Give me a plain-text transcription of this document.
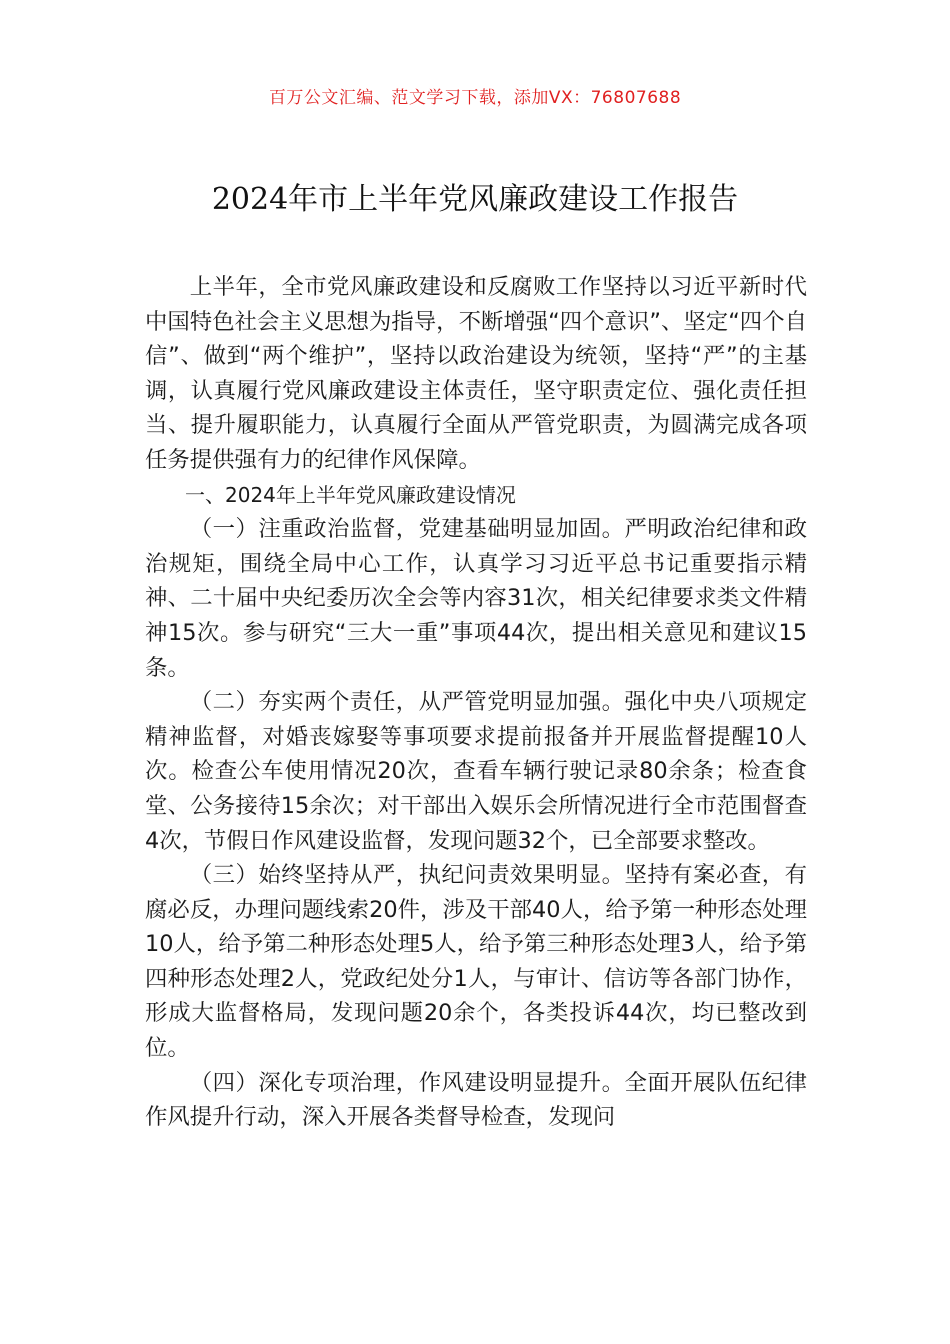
百万公文汇编、范文学习下载，添加VX：76807688
2024年市上半年党风廉政建设工作报告

上半年，全市党风廉政建设和反腐败工作坚持以习近平新时代中国特色社会主义思想为指导，不断增强“四个意识”、坚定“四个自信”、做到“两个维护”，坚持以政治建设为统领，坚持“严”的主基调，认真履行党风廉政建设主体责任，坚守职责定位、强化责任担当、提升履职能力，认真履行全面从严管党职责，为圆满完成各项任务提供强有力的纪律作风保障。

一、2024年上半年党风廉政建设情况

（一）注重政治监督，党建基础明显加固。严明政治纪律和政治规矩，围绕全局中心工作，认真学习习近平总书记重要指示精神、二十届中央纪委历次全会等内容31次，相关纪律要求类文件精神15次。参与研究“三大一重”事项44次，提出相关意见和建议15条。

（二）夯实两个责任，从严管党明显加强。强化中央八项规定精神监督，对婚丧嫁娶等事项要求提前报备并开展监督提醒10人次。检查公车使用情况20次，查看车辆行驶记录80余条；检查食堂、公务接待15余次；对干部出入娱乐会所情况进行全市范围督查4次，节假日作风建设监督，发现问题32个，已全部要求整改。

（三）始终坚持从严，执纪问责效果明显。坚持有案必查，有腐必反，办理问题线索20件，涉及干部40人，给予第一种形态处理10人，给予第二种形态处理5人，给予第三种形态处理3人，给予第四种形态处理2人，党政纪处分1人，与审计、信访等各部门协作，形成大监督格局，发现问题20余个，各类投诉44次，均已整改到位。

（四）深化专项治理，作风建设明显提升。全面开展队伍纪律作风提升行动，深入开展各类督导检查，发现问
